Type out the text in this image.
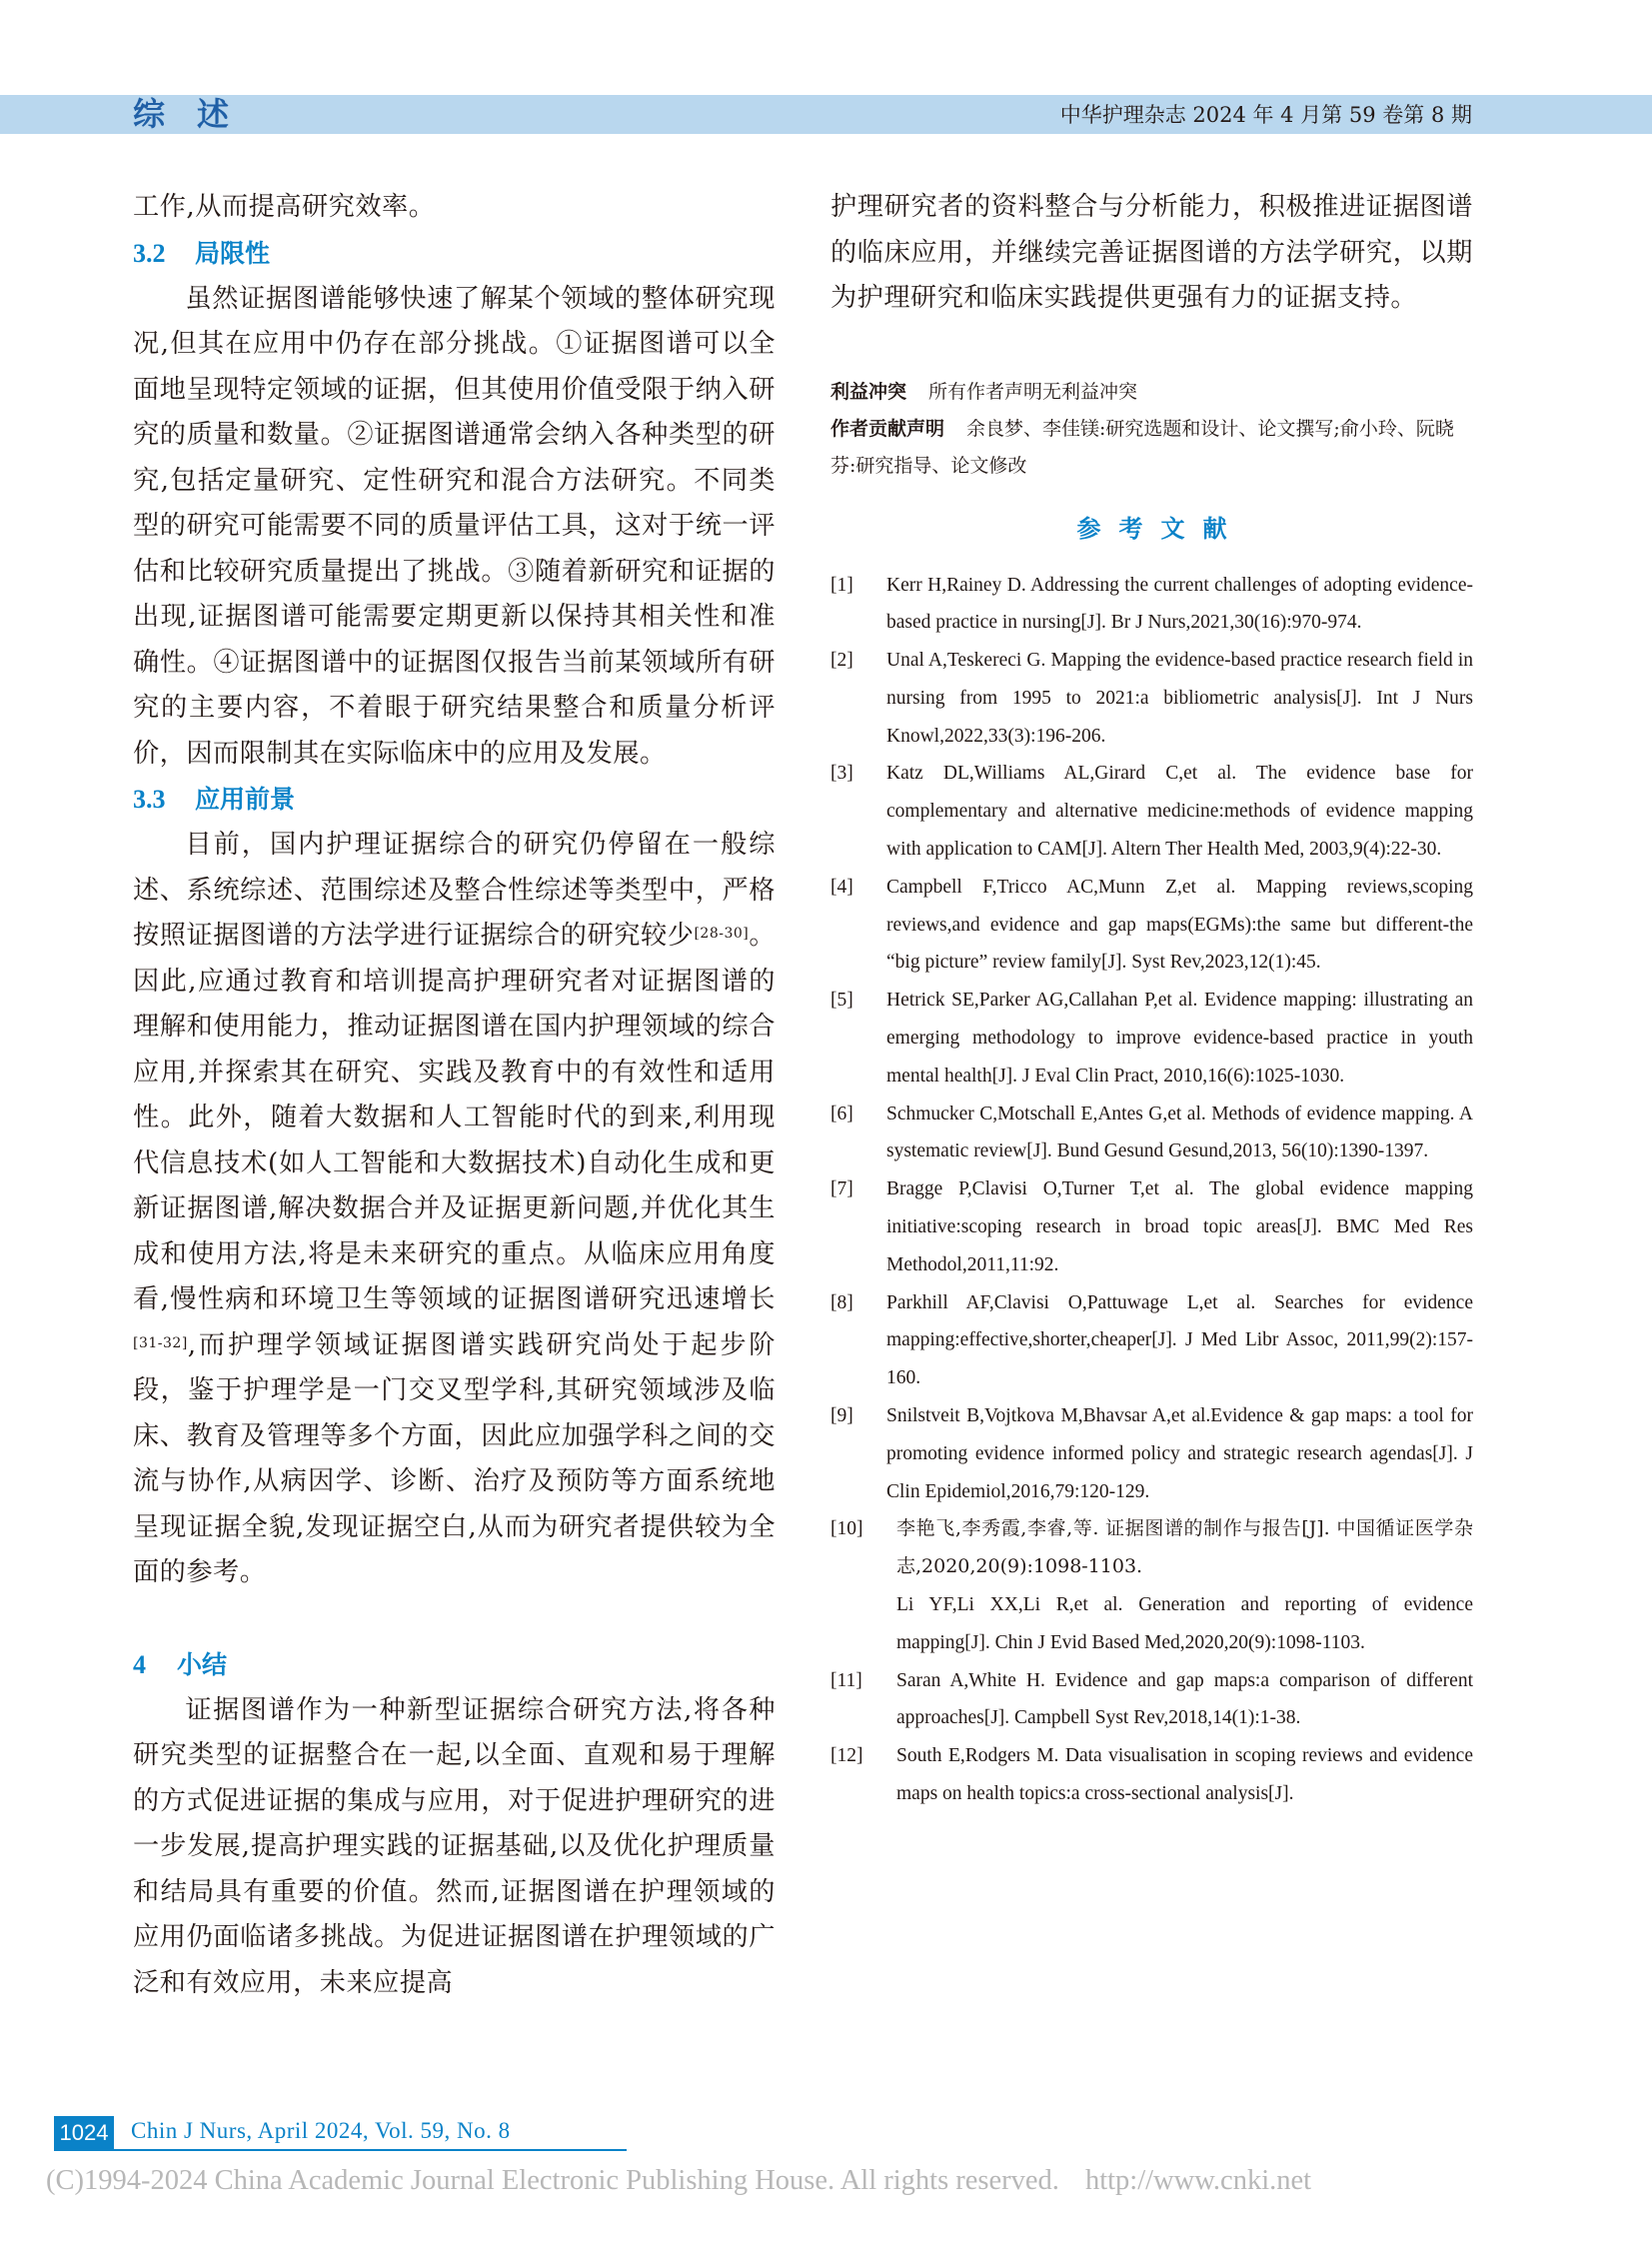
综述	中华护理杂志 2024 年 4 月第 59 卷第 8 期

工作,从而提高研究效率。

3.2 局限性

虽然证据图谱能够快速了解某个领域的整体研究现况,但其在应用中仍存在部分挑战。①证据图谱可以全面地呈现特定领域的证据，但其使用价值受限于纳入研究的质量和数量。②证据图谱通常会纳入各种类型的研究,包括定量研究、定性研究和混合方法研究。不同类型的研究可能需要不同的质量评估工具，这对于统一评估和比较研究质量提出了挑战。③随着新研究和证据的出现,证据图谱可能需要定期更新以保持其相关性和准确性。④证据图谱中的证据图仅报告当前某领域所有研究的主要内容，不着眼于研究结果整合和质量分析评价，因而限制其在实际临床中的应用及发展。

3.3 应用前景

目前，国内护理证据综合的研究仍停留在一般综述、系统综述、范围综述及整合性综述等类型中，严格按照证据图谱的方法学进行证据综合的研究较少[28-30]。因此,应通过教育和培训提高护理研究者对证据图谱的理解和使用能力，推动证据图谱在国内护理领域的综合应用,并探索其在研究、实践及教育中的有效性和适用性。此外，随着大数据和人工智能时代的到来,利用现代信息技术(如人工智能和大数据技术)自动化生成和更新证据图谱,解决数据合并及证据更新问题,并优化其生成和使用方法,将是未来研究的重点。从临床应用角度看,慢性病和环境卫生等领域的证据图谱研究迅速增长[31-32],而护理学领域证据图谱实践研究尚处于起步阶段，鉴于护理学是一门交叉型学科,其研究领域涉及临床、教育及管理等多个方面，因此应加强学科之间的交流与协作,从病因学、诊断、治疗及预防等方面系统地呈现证据全貌,发现证据空白,从而为研究者提供较为全面的参考。

4 小结

证据图谱作为一种新型证据综合研究方法,将各种研究类型的证据整合在一起,以全面、直观和易于理解的方式促进证据的集成与应用，对于促进护理研究的进一步发展,提高护理实践的证据基础,以及优化护理质量和结局具有重要的价值。然而,证据图谱在护理领域的应用仍面临诸多挑战。为促进证据图谱在护理领域的广泛和有效应用，未来应提高

护理研究者的资料整合与分析能力，积极推进证据图谱的临床应用，并继续完善证据图谱的方法学研究，以期为护理研究和临床实践提供更强有力的证据支持。

利益冲突 所有作者声明无利益冲突

作者贡献声明 余良梦、李佳镁:研究选题和设计、论文撰写;俞小玲、阮晓芬:研究指导、论文修改

参考文献
[1]	Kerr H,Rainey D. Addressing the current challenges of adopting evidence-based practice in nursing[J]. Br J Nurs,2021,30(16):970-974.
[2]	Unal A,Teskereci G. Mapping the evidence-based practice research field in nursing from 1995 to 2021:a bibliometric analysis[J]. Int J Nurs Knowl,2022,33(3):196-206.
[3]	Katz DL,Williams AL,Girard C,et al. The evidence base for complementary and alternative medicine:methods of evidence mapping with application to CAM[J]. Altern Ther Health Med, 2003,9(4):22-30.
[4]	Campbell F,Tricco AC,Munn Z,et al. Mapping reviews,scoping reviews,and evidence and gap maps(EGMs):the same but different-the “big picture” review family[J]. Syst Rev,2023,12(1):45.
[5]	Hetrick SE,Parker AG,Callahan P,et al. Evidence mapping: illustrating an emerging methodology to improve evidence-based practice in youth mental health[J]. J Eval Clin Pract, 2010,16(6):1025-1030.
[6]	Schmucker C,Motschall E,Antes G,et al. Methods of evidence mapping. A systematic review[J]. Bund Gesund Gesund,2013, 56(10):1390-1397.
[7]	Bragge P,Clavisi O,Turner T,et al. The global evidence mapping initiative:scoping research in broad topic areas[J]. BMC Med Res Methodol,2011,11:92.
[8]	Parkhill AF,Clavisi O,Pattuwage L,et al. Searches for evidence mapping:effective,shorter,cheaper[J]. J Med Libr Assoc, 2011,99(2):157-160.
[9]	Snilstveit B,Vojtkova M,Bhavsar A,et al.Evidence & gap maps: a tool for promoting evidence informed policy and strategic research agendas[J]. J Clin Epidemiol,2016,79:120-129.
[10]	李艳飞,李秀霞,李睿,等. 证据图谱的制作与报告[J]. 中国循证医学杂志,2020,20(9):1098-1103.
Li YF,Li XX,Li R,et al. Generation and reporting of evidence mapping[J]. Chin J Evid Based Med,2020,20(9):1098-1103.
[11]	Saran A,White H. Evidence and gap maps:a comparison of different approaches[J]. Campbell Syst Rev,2018,14(1):1-38.
[12]	South E,Rodgers M. Data visualisation in scoping reviews and evidence maps on health topics:a cross-sectional analysis[J].
1024 Chin J Nurs, April 2024, Vol. 59, No. 8
(C)1994-2024 China Academic Journal Electronic Publishing House. All rights reserved. http://www.cnki.net
